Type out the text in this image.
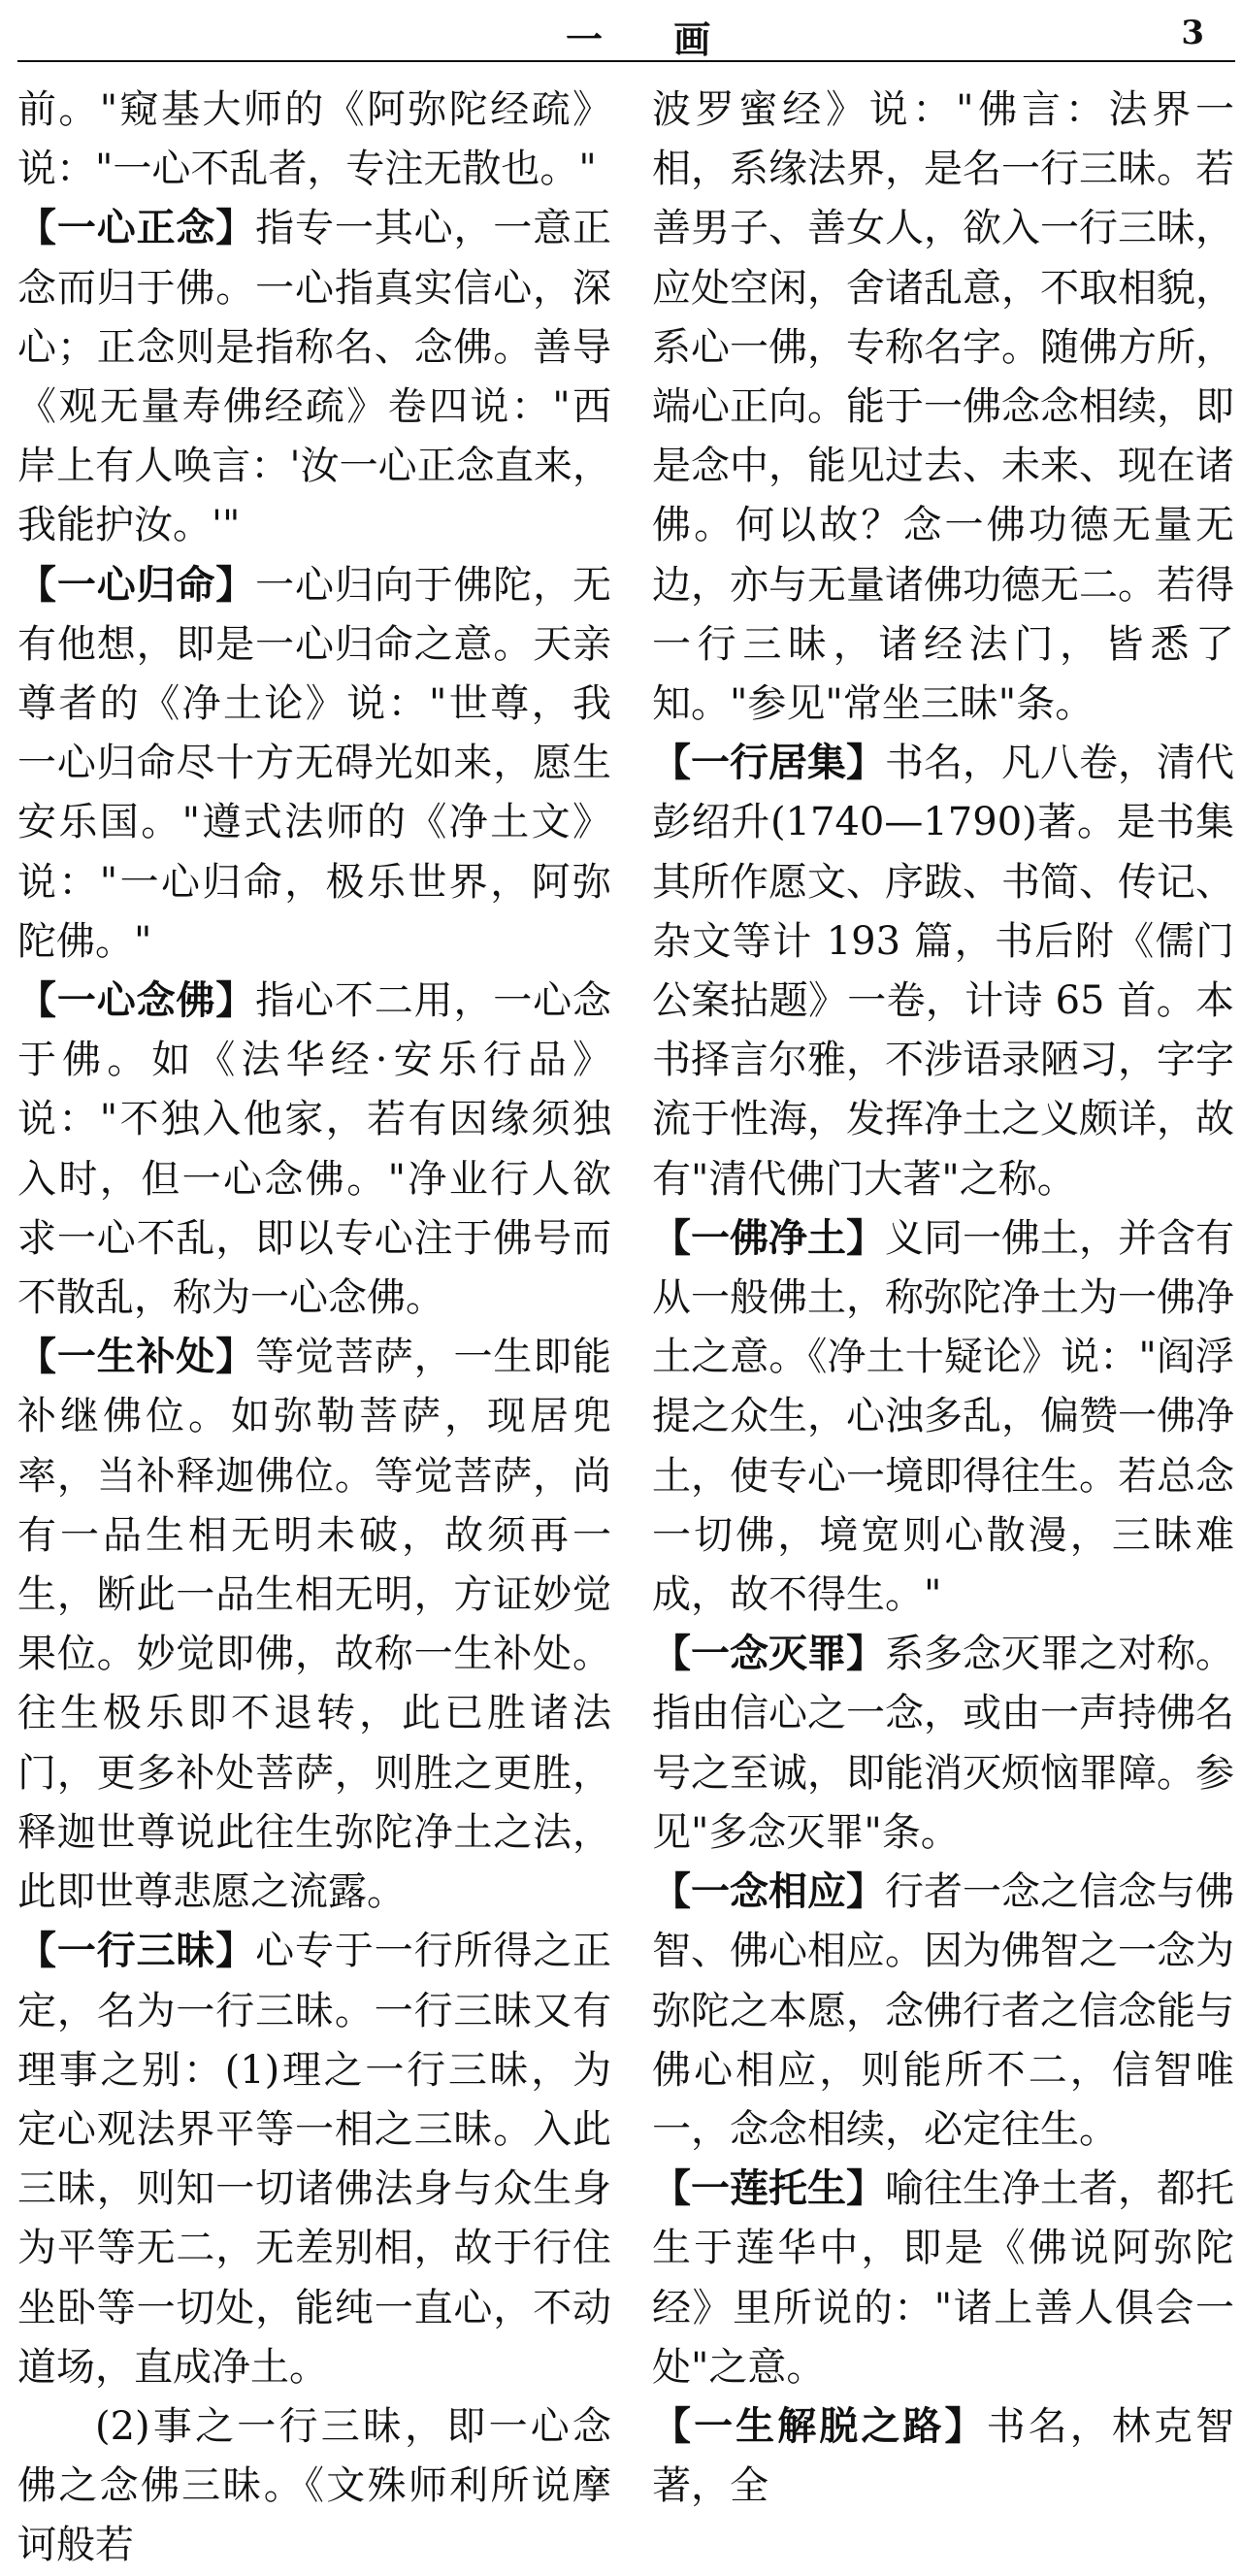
一 画	3

前。"窥基大师的《阿弥陀经疏》说："一心不乱者，专注无散也。"

【一心正念】指专一其心，一意正念而归于佛。一心指真实信心，深心；正念则是指称名、念佛。善导《观无量寿佛经疏》卷四说："西岸上有人唤言：'汝一心正念直来，我能护汝。'"

【一心归命】一心归向于佛陀，无有他想，即是一心归命之意。天亲尊者的《净土论》说："世尊，我一心归命尽十方无碍光如来，愿生安乐国。"遵式法师的《净土文》说："一心归命，极乐世界，阿弥陀佛。"

【一心念佛】指心不二用，一心念于佛。如《法华经·安乐行品》说："不独入他家，若有因缘须独入时，但一心念佛。"净业行人欲求一心不乱，即以专心注于佛号而不散乱，称为一心念佛。

【一生补处】等觉菩萨，一生即能补继佛位。如弥勒菩萨，现居兜率，当补释迦佛位。等觉菩萨，尚有一品生相无明未破，故须再一生，断此一品生相无明，方证妙觉果位。妙觉即佛，故称一生补处。往生极乐即不退转，此已胜诸法门，更多补处菩萨，则胜之更胜，释迦世尊说此往生弥陀净土之法，此即世尊悲愿之流露。

【一行三昧】心专于一行所得之正定，名为一行三昧。一行三昧又有理事之别：(1)理之一行三昧，为定心观法界平等一相之三昧。入此三昧，则知一切诸佛法身与众生身为平等无二，无差别相，故于行住坐卧等一切处，能纯一直心，不动道场，直成净土。

(2)事之一行三昧，即一心念佛之念佛三昧。《文殊师利所说摩诃般若

波罗蜜经》说："佛言：法界一相，系缘法界，是名一行三昧。若善男子、善女人，欲入一行三昧，应处空闲，舍诸乱意，不取相貌，系心一佛，专称名字。随佛方所，端心正向。能于一佛念念相续，即是念中，能见过去、未来、现在诸佛。何以故？念一佛功德无量无边，亦与无量诸佛功德无二。若得一行三昧，诸经法门，皆悉了知。"参见"常坐三昧"条。

【一行居集】书名，凡八卷，清代彭绍升(1740—1790)著。是书集其所作愿文、序跋、书简、传记、杂文等计 193 篇，书后附《儒门公案拈题》一卷，计诗 65 首。本书择言尔雅，不涉语录陋习，字字流于性海，发挥净土之义颇详，故有"清代佛门大著"之称。

【一佛净土】义同一佛土，并含有从一般佛土，称弥陀净土为一佛净土之意。《净土十疑论》说："阎浮提之众生，心浊多乱，偏赞一佛净土，使专心一境即得往生。若总念一切佛，境宽则心散漫，三昧难成，故不得生。"

【一念灭罪】系多念灭罪之对称。指由信心之一念，或由一声持佛名号之至诚，即能消灭烦恼罪障。参见"多念灭罪"条。

【一念相应】行者一念之信念与佛智、佛心相应。因为佛智之一念为弥陀之本愿，念佛行者之信念能与佛心相应，则能所不二，信智唯一，念念相续，必定往生。

【一莲托生】喻往生净土者，都托生于莲华中，即是《佛说阿弥陀经》里所说的："诸上善人俱会一处"之意。

【一生解脱之路】书名，林克智著，全
